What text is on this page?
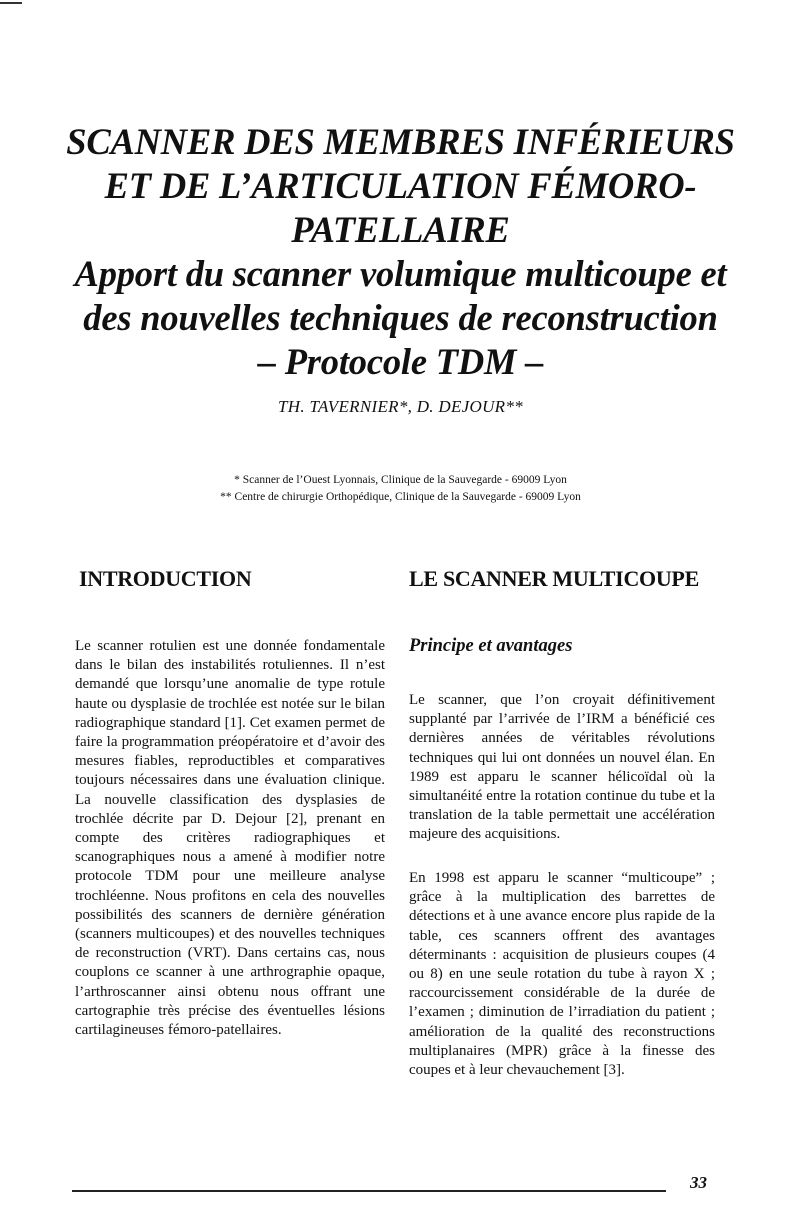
SCANNER DES MEMBRES INFÉRIEURS
ET DE L’ARTICULATION FÉMORO-
PATELLAIRE
Apport du scanner volumique multicoupe et
des nouvelles techniques de reconstruction
– Protocole TDM –
TH. TAVERNIER*, D. DEJOUR**
* Scanner de l’Ouest Lyonnais, Clinique de la Sauvegarde - 69009 Lyon
** Centre de chirurgie Orthopédique, Clinique de la Sauvegarde - 69009 Lyon
INTRODUCTION	LE SCANNER MULTICOUPE

Le scanner rotulien est une donnée fondamentale dans le bilan des instabilités rotuliennes. Il n’est demandé que lorsqu’une anomalie de type rotule haute ou dysplasie de trochlée est notée sur le bilan radiographique standard [1]. Cet examen permet de faire la programmation préopératoire et d’avoir des mesures fiables, reproductibles et comparatives toujours nécessaires dans une évaluation clinique. La nouvelle classification des dysplasies de trochlée décrite par D. Dejour [2], prenant en compte des critères radiographiques et scanographiques nous a amené à modifier notre protocole TDM pour une meilleure analyse trochléenne. Nous profitons en cela des nouvelles possibilités des scanners de dernière génération (scanners multicoupes) et des nouvelles techniques de reconstruction (VRT). Dans certains cas, nous couplons ce scanner à une arthrographie opaque, l’arthroscanner ainsi obtenu nous offrant une cartographie très précise des éventuelles lésions cartilagineuses fémoro-patellaires.

Principe et avantages

Le scanner, que l’on croyait définitivement supplanté par l’arrivée de l’IRM a bénéficié ces dernières années de véritables révolutions techniques qui lui ont données un nouvel élan. En 1989 est apparu le scanner hélicoïdal où la simultanéité entre la rotation continue du tube et la translation de la table permettait une accélération majeure des acquisitions.

En 1998 est apparu le scanner “multicoupe” ; grâce à la multiplication des barrettes de détections et à une avance encore plus rapide de la table, ces scanners offrent des avantages déterminants : acquisition de plusieurs coupes (4 ou 8) en une seule rotation du tube à rayon X ; raccourcissement considérable de la durée de l’examen ; diminution de l’irradiation du patient ; amélioration de la qualité des reconstructions multiplanaires (MPR) grâce à la finesse des coupes et à leur chevauchement [3].

33
